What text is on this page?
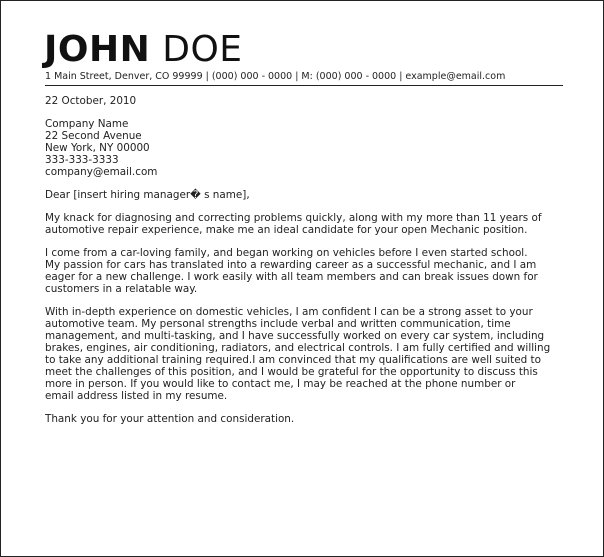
JOHN DOE
1 Main Street, Denver, CO 99999 | (000) 000 - 0000 | M: (000) 000 - 0000 | example@email.com

22 October, 2010

Company Name
22 Second Avenue
New York, NY 00000
333-333-3333
company@email.com

Dear [insert hiring manager� s name],

My knack for diagnosing and correcting problems quickly, along with my more than 11 years of
automotive repair experience, make me an ideal candidate for your open Mechanic position.

I come from a car-loving family, and began working on vehicles before I even started school.
My passion for cars has translated into a rewarding career as a successful mechanic, and I am
eager for a new challenge. I work easily with all team members and can break issues down for
customers in a relatable way.

With in-depth experience on domestic vehicles, I am confident I can be a strong asset to your
automotive team. My personal strengths include verbal and written communication, time
management, and multi-tasking, and I have successfully worked on every car system, including
brakes, engines, air conditioning, radiators, and electrical controls. I am fully certified and willing
to take any additional training required.I am convinced that my qualifications are well suited to
meet the challenges of this position, and I would be grateful for the opportunity to discuss this
more in person. If you would like to contact me, I may be reached at the phone number or
email address listed in my resume.

Thank you for your attention and consideration.
